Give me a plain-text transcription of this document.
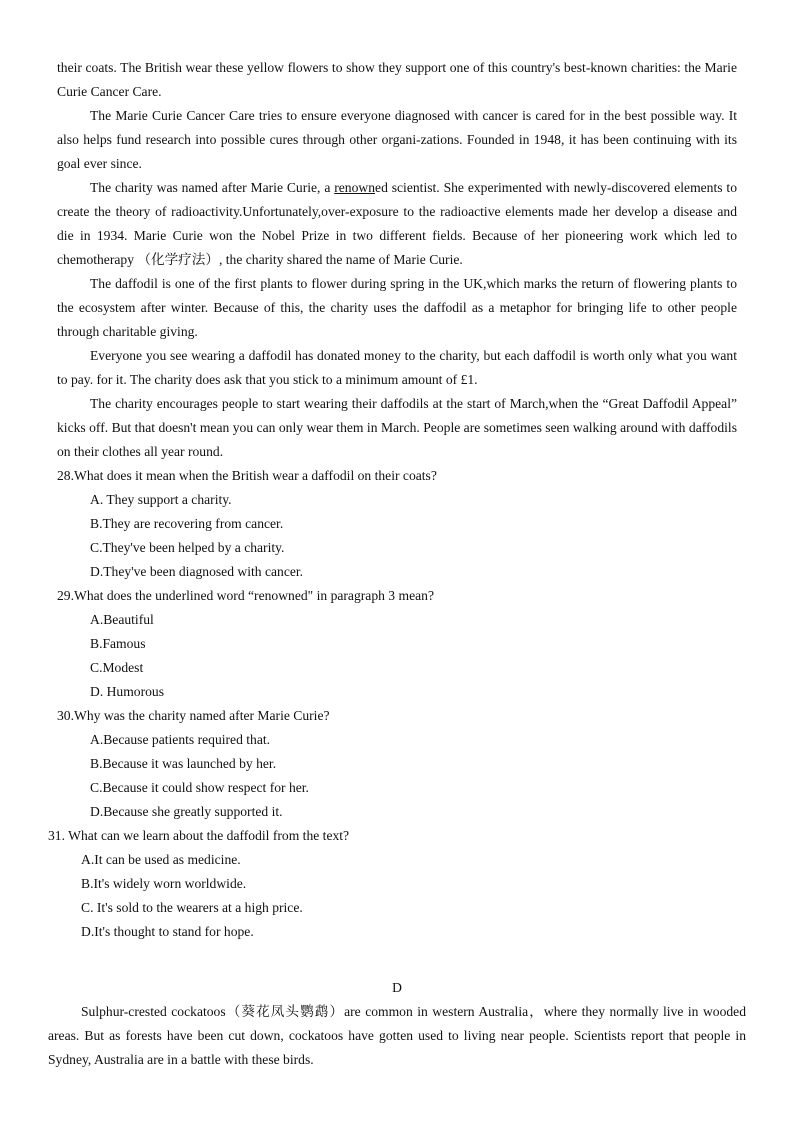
their coats. The British wear these yellow flowers to show they support one of this country's best-known charities: the Marie Curie Cancer Care.

The Marie Curie Cancer Care tries to ensure everyone diagnosed with cancer is cared for in the best possible way. It also helps fund research into possible cures through other organi-zations. Founded in 1948, it has been continuing with its goal ever since.

The charity was named after Marie Curie, a renowned scientist. She experimented with newly-discovered elements to create the theory of radioactivity.Unfortunately,over-exposure to the radioactive elements made her develop a disease and die in 1934. Marie Curie won the Nobel Prize in two different fields. Because of her pioneering work which led to chemotherapy （化学疗法）, the charity shared the name of Marie Curie.

The daffodil is one of the first plants to flower during spring in the UK,which marks the return of flowering plants to the ecosystem after winter. Because of this, the charity uses the daffodil as a metaphor for bringing life to other people through charitable giving.

Everyone you see wearing a daffodil has donated money to the charity, but each daffodil is worth only what you want to pay. for it. The charity does ask that you stick to a minimum amount of £1.

The charity encourages people to start wearing their daffodils at the start of March,when the “Great Daffodil Appeal” kicks off. But that doesn't mean you can only wear them in March. People are sometimes seen walking around with daffodils on their clothes all year round.

28.What does it mean when the British wear a daffodil on their coats?

A. They support a charity.

B.They are recovering from cancer.

C.They've been helped by a charity.

D.They've been diagnosed with cancer.

29.What does the underlined word “renowned" in paragraph 3 mean?

A.Beautiful

B.Famous

C.Modest

D. Humorous

30.Why was the charity named after Marie Curie?

A.Because patients required that.

B.Because it was launched by her.

C.Because it could show respect for her.

D.Because she greatly supported it.

31. What can we learn about the daffodil from the text?

A.It can be used as medicine.

B.It's widely worn worldwide.

C. It's sold to the wearers at a high price.

D.It's thought to stand for hope.

D

Sulphur-crested cockatoos（葵花凤头鹦鹉）are common in western Australia，where they normally live in wooded areas. But as forests have been cut down, cockatoos have gotten used to living near people. Scientists report that people in Sydney, Australia are in a battle with these birds.
